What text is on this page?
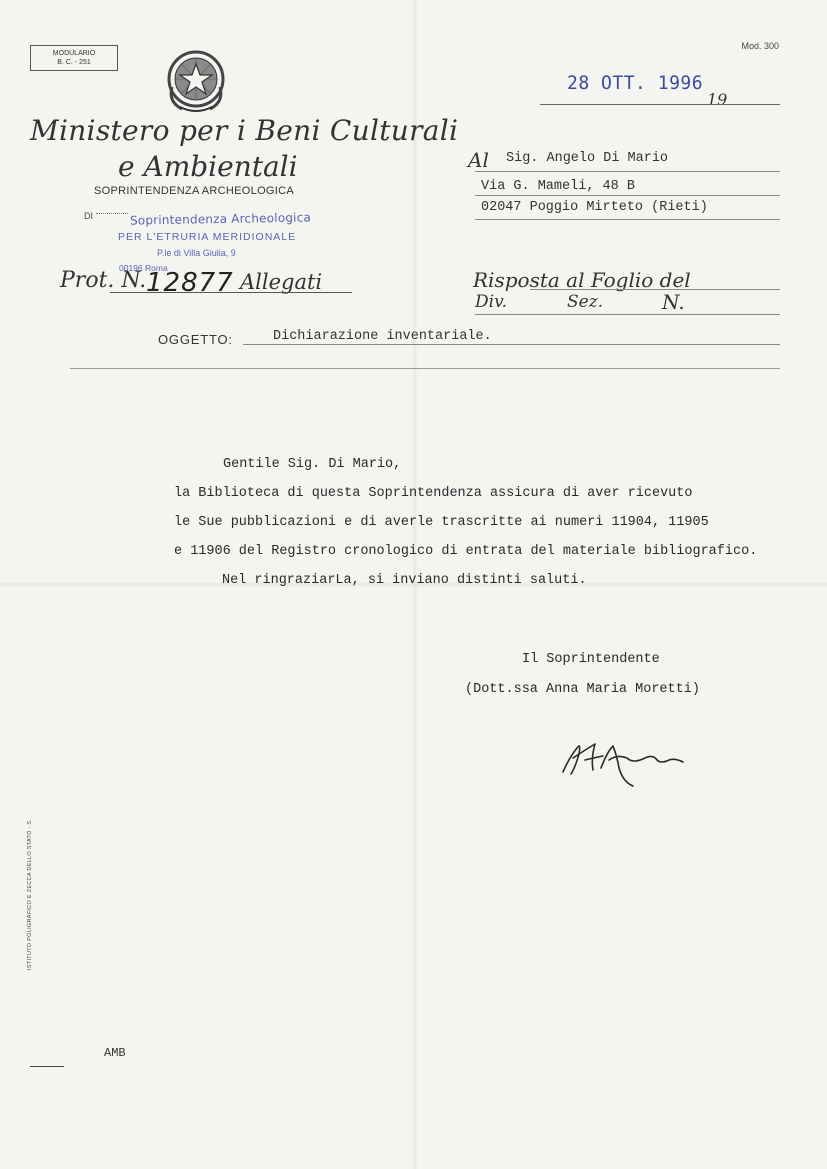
MODULARIO
B. C. - 251
Mod. 300
Ministero per i Beni Culturali
e Ambientali
SOPRINTENDENZA ARCHEOLOGICA
DI	Soprintendenza Archeologica
PER L'ETRURIA MERIDIONALE
P.le di Villa Giulia, 9
00196 Roma
Prot. N. 12877 Allegati
28 OTT. 1996
19
Al Sig. Angelo Di Mario
Via G. Mameli, 48 B
02047 Poggio Mirteto (Rieti)
Risposta al Foglio del
Div.	Sez.	N.
OGGETTO:	Dichiarazione inventariale.
Gentile Sig. Di Mario,
la Biblioteca di questa Soprintendenza assicura di aver ricevuto
le Sue pubblicazioni e di averle trascritte ai numeri 11904, 11905
e 11906 del Registro cronologico di entrata del materiale bibliografico.
Nel ringraziarLa, si inviano distinti saluti.
Il Soprintendente
(Dott.ssa Anna Maria Moretti)
ISTITUTO POLIGRAFICO E ZECCA DELLO STATO - S.
AMB
